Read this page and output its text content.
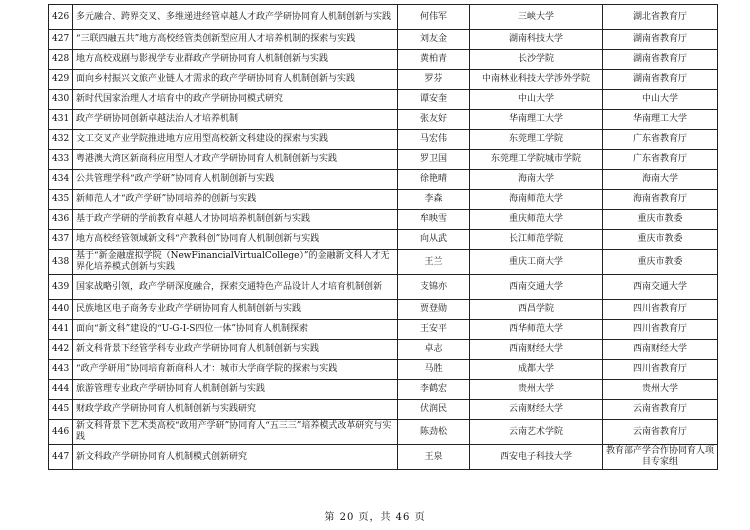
426	多元融合、跨界交叉、多维递进经管卓越人才政产学研协同育人机制创新与实践	何伟军	三峡大学	湖北省教育厅
427	“三联四融五共”地方高校经管类创新型应用人才培养机制的探索与实践	刘友金	湖南科技大学	湖南省教育厅
428	地方高校戏剧与影视学专业群政产学研协同育人机制创新与实践	黄柏青	长沙学院	湖南省教育厅
429	面向乡村振兴文旅产业链人才需求的政产学研协同育人机制创新与实践	罗芬	中南林业科技大学涉外学院	湖南省教育厅
430	新时代国家治理人才培育中的政产学研协同模式研究	谭安奎	中山大学	中山大学
431	政产学研协同创新卓越法治人才培养机制	张友好	华南理工大学	华南理工大学
432	文工交叉产业学院推进地方应用型高校新文科建设的探索与实践	马宏伟	东莞理工学院	广东省教育厅
433	粤港澳大湾区新商科应用型人才政产学研协同育人机制创新与实践	罗卫国	东莞理工学院城市学院	广东省教育厅
434	公共管理学科“政产学研”协同育人机制创新与实践	徐艳晴	海南大学	海南大学
435	新师范人才“政产学研”协同培养的创新与实践	李森	海南师范大学	海南省教育厅
436	基于政产学研的学前教育卓越人才协同培养机制创新与实践	牟映雪	重庆师范大学	重庆市教委
437	地方高校经管领域新文科“产教科创”协同育人机制创新与实践	向从武	长江师范学院	重庆市教委
438	基于“新金融虚拟学院（NewFinancialVirtualCollege）”的金融新文科人才无界化培养模式创新与实践	王兰	重庆工商大学	重庆市教委
439	国家战略引领，政产学研深度融合，探索交通特色产品设计人才培育机制创新	支锦亦	西南交通大学	西南交通大学
440	民族地区电子商务专业政产学研协同育人机制创新与实践	贾登勋	西昌学院	四川省教育厅
441	面向“新文科”建设的“U-G-I-S四位一体”协同育人机制探索	王安平	西华师范大学	四川省教育厅
442	新文科背景下经管学科专业政产学研协同育人机制创新与实践	卓志	西南财经大学	西南财经大学
443	“政产学研用”协同培育新商科人才：城市大学商学院的探索与实践	马胜	成都大学	四川省教育厅
444	旅游管理专业政产学研协同育人机制创新与实践	李鹤宏	贵州大学	贵州大学
445	财政学政产学研协同育人机制创新与实践研究	伏润民	云南财经大学	云南省教育厅
446	新文科背景下艺术类高校“政用产学研”协同育人“五三三”培养模式改革研究与实践	陈劲松	云南艺术学院	云南省教育厅
447	新文科政产学研协同育人机制模式创新研究	王泉	西安电子科技大学	教育部产学合作协同育人项目专家组
第 20 页，共 46 页
